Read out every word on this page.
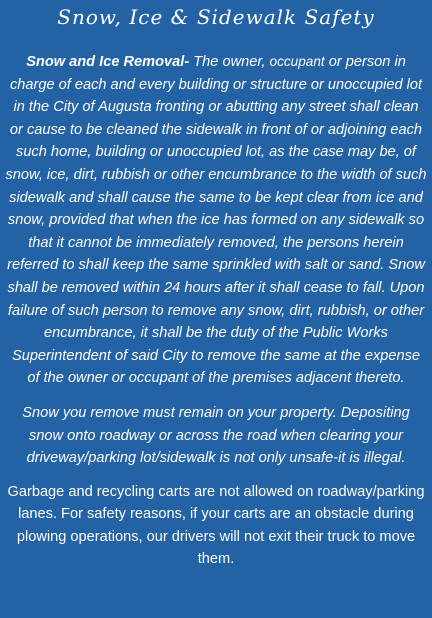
Snow, Ice & Sidewalk Safety

Snow and Ice Removal- The owner, occupant or person in charge of each and every building or structure or unoccupied lot in the City of Augusta fronting or abutting any street shall clean or cause to be cleaned the sidewalk in front of or adjoining each such home, building or unoccupied lot, as the case may be, of snow, ice, dirt, rubbish or other encumbrance to the width of such sidewalk and shall cause the same to be kept clear from ice and snow, provided that when the ice has formed on any sidewalk so that it cannot be immediately removed, the persons herein referred to shall keep the same sprinkled with salt or sand. Snow shall be removed within 24 hours after it shall cease to fall. Upon failure of such person to remove any snow, dirt, rubbish, or other encumbrance, it shall be the duty of the Public Works Superintendent of said City to remove the same at the expense of the owner or occupant of the premises adjacent thereto.

Snow you remove must remain on your property. Depositing snow onto roadway or across the road when clearing your driveway/parking lot/sidewalk is not only unsafe-it is illegal.

Garbage and recycling carts are not allowed on roadway/parking lanes. For safety reasons, if your carts are an obstacle during plowing operations, our drivers will not exit their truck to move them.
